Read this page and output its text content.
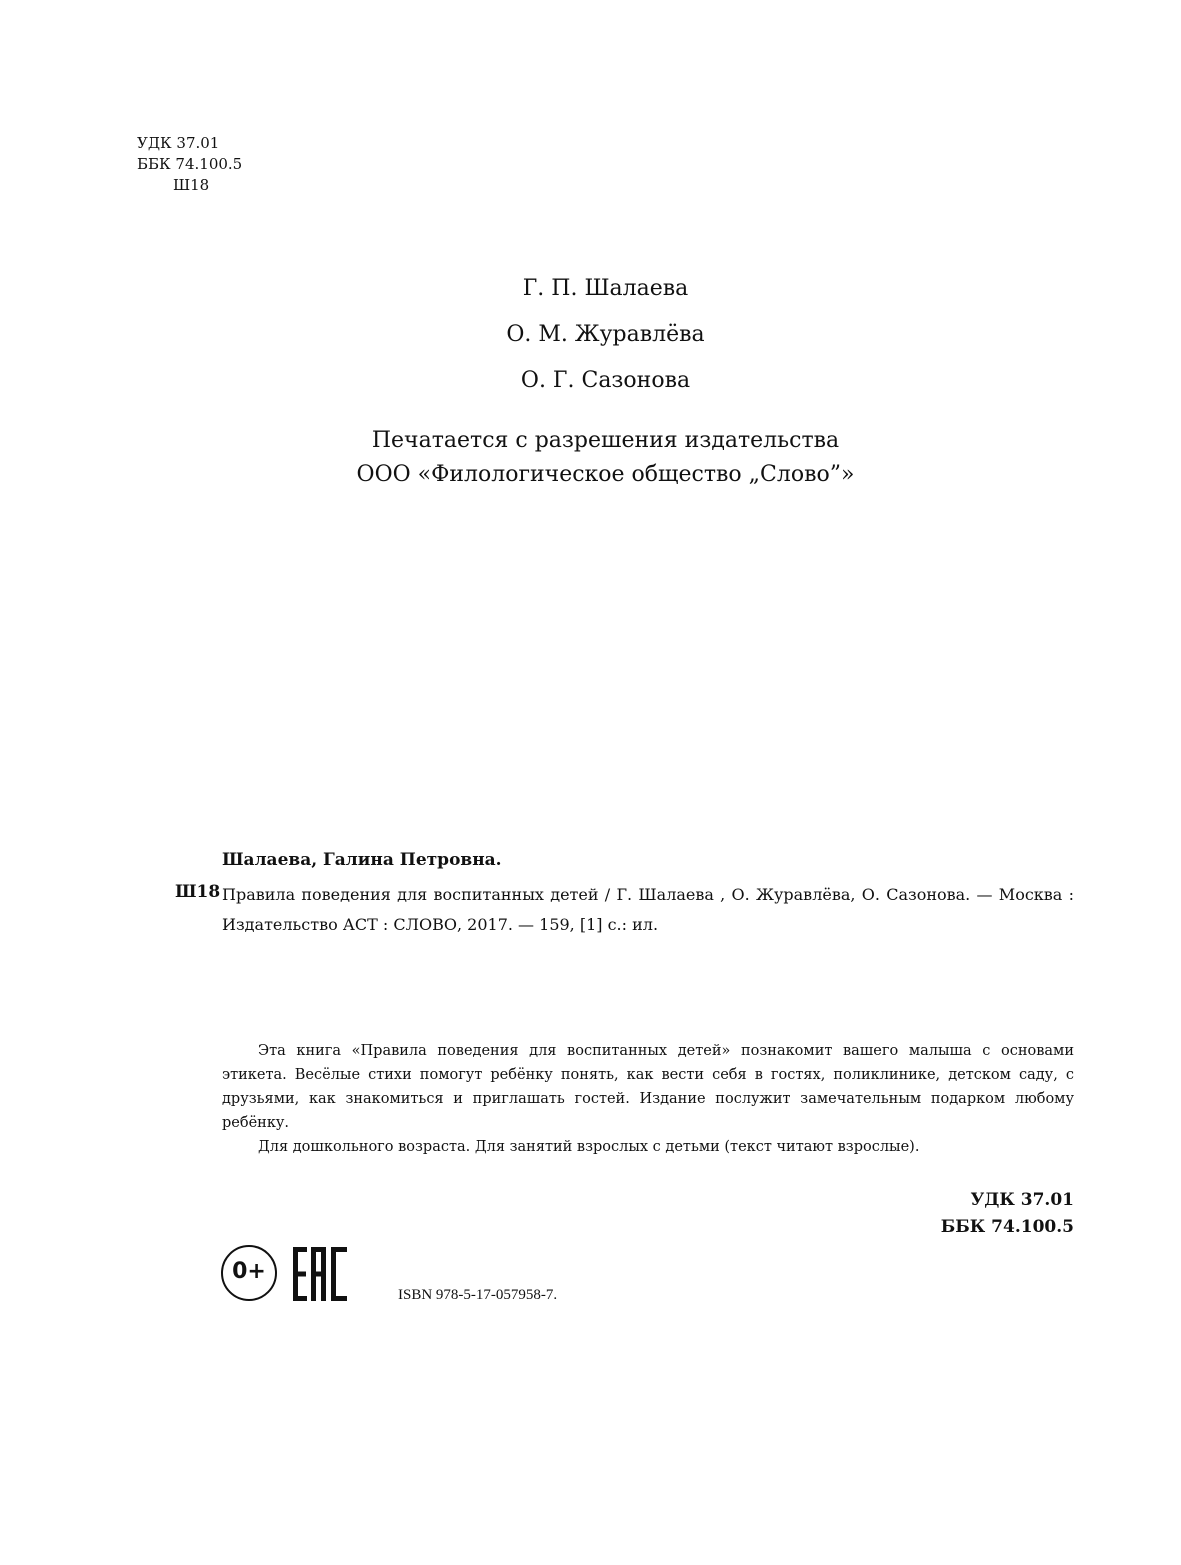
УДК 37.01
ББК 74.100.5
Ш18
Г. П. Шалаева
О. М. Журавлёва
О. Г. Сазонова
Печатается с разрешения издательства
ООО «Филологическое общество „Слово”»
Шалаева, Галина Петровна.
Ш18 Правила поведения для воспитанных детей / Г. Шалаева , О. Журавлёва, О. Сазонова. — Москва : Издательство АСТ : СЛОВО, 2017. — 159, [1] с.: ил.

Эта книга «Правила поведения для воспитанных детей» познакомит вашего малыша с основами этикета. Весёлые стихи помогут ребёнку понять, как вести себя в гостях, поликлинике, детском саду, с друзьями, как знакомиться и приглашать гостей. Издание послужит замечательным подарком любому ребёнку.

Для дошкольного возраста. Для занятий взрослых с детьми (текст читают взрослые).

УДК 37.01
ББК 74.100.5
0+
ISBN 978-5-17-057958-7.
